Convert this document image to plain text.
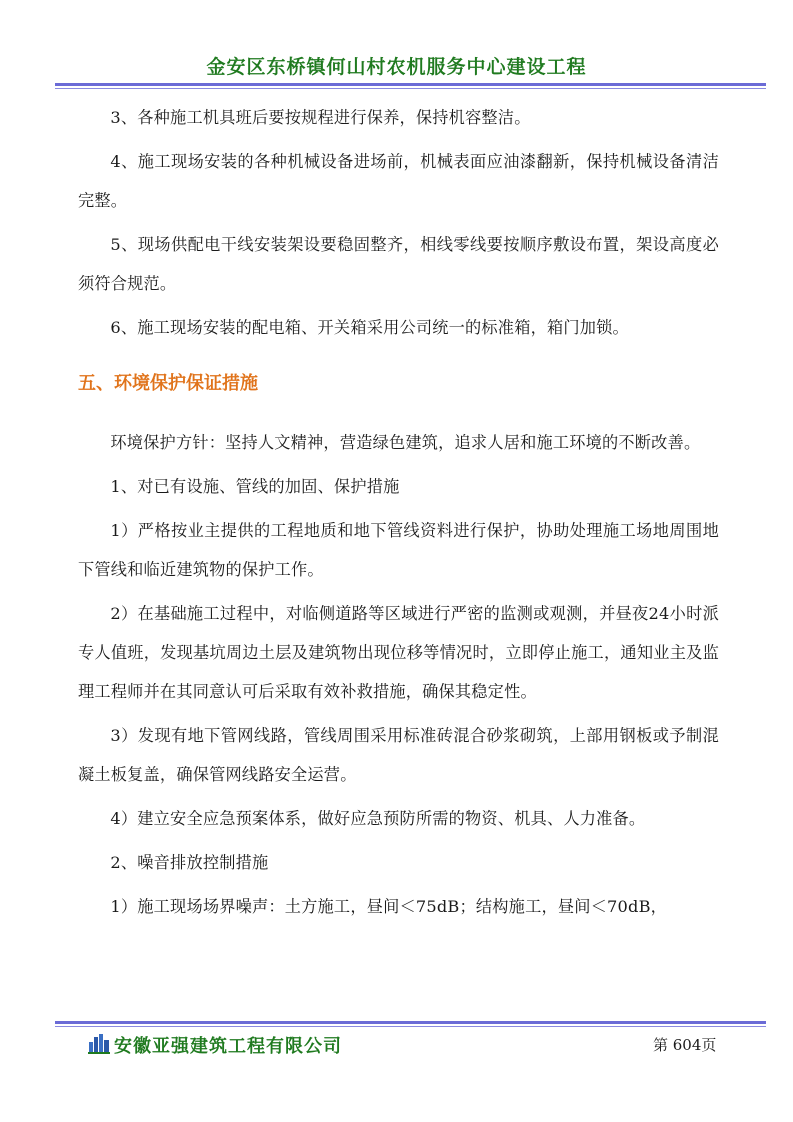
金安区东桥镇何山村农机服务中心建设工程

3、各种施工机具班后要按规程进行保养，保持机容整洁。

4、施工现场安装的各种机械设备进场前，机械表面应油漆翻新，保持机械设备清洁完整。

5、现场供配电干线安装架设要稳固整齐，相线零线要按顺序敷设布置，架设高度必须符合规范。

6、施工现场安装的配电箱、开关箱采用公司统一的标准箱，箱门加锁。

五、环境保护保证措施

环境保护方针：坚持人文精神，营造绿色建筑，追求人居和施工环境的不断改善。

1、对已有设施、管线的加固、保护措施

1）严格按业主提供的工程地质和地下管线资料进行保护，协助处理施工场地周围地下管线和临近建筑物的保护工作。

2）在基础施工过程中，对临侧道路等区域进行严密的监测或观测，并昼夜24小时派专人值班，发现基坑周边土层及建筑物出现位移等情况时，立即停止施工，通知业主及监理工程师并在其同意认可后采取有效补救措施，确保其稳定性。

3）发现有地下管网线路，管线周围采用标准砖混合砂浆砌筑，上部用钢板或予制混凝土板复盖，确保管网线路安全运营。

4）建立安全应急预案体系，做好应急预防所需的物资、机具、人力准备。

2、噪音排放控制措施

1）施工现场场界噪声：土方施工，昼间＜75dB；结构施工，昼间＜70dB，

安徽亚强建筑工程有限公司	第 604页
